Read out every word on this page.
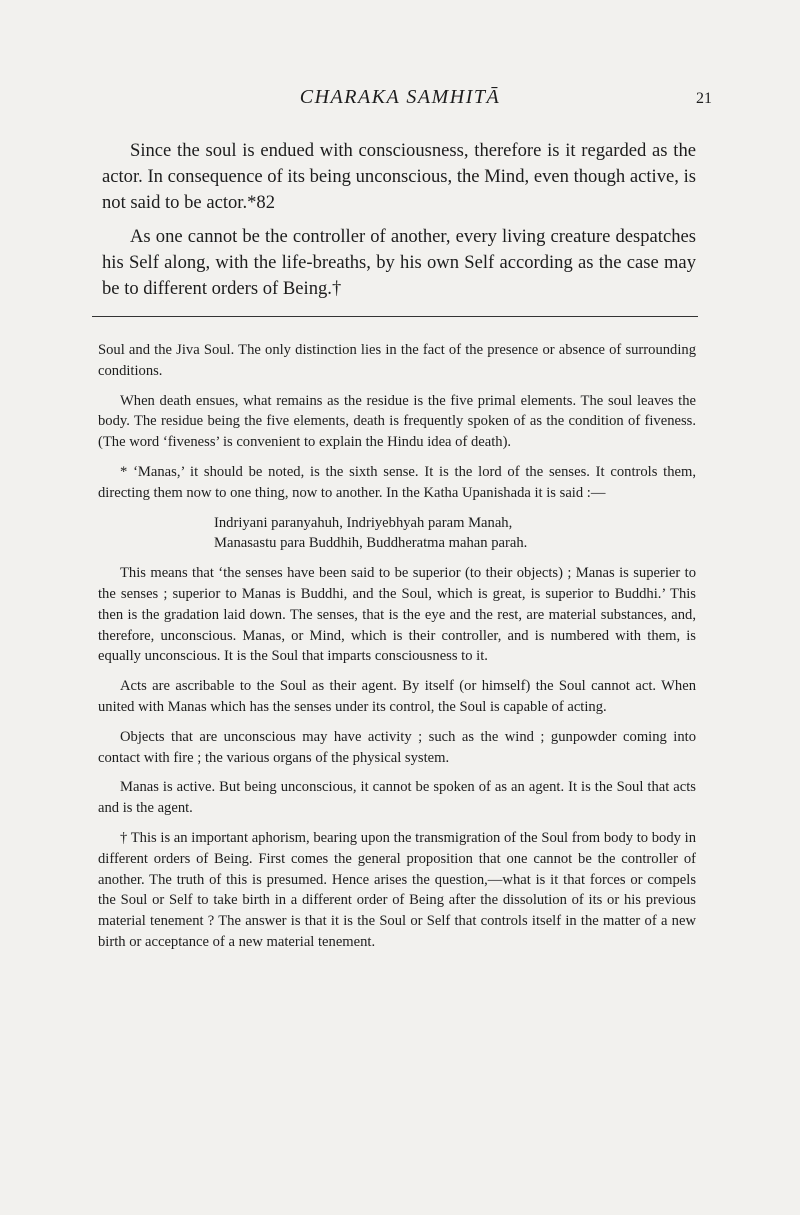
CHARAKA SAMHITĀ	21

Since the soul is endued with consciousness, therefore is it regarded as the actor. In consequence of its being unconscious, the Mind, even though active, is not said to be actor.*82

As one cannot be the controller of another, every living creature despatches his Self along, with the life-breaths, by his own Self according as the case may be to different orders of Being.†

Soul and the Jiva Soul. The only distinction lies in the fact of the presence or absence of surrounding conditions.

When death ensues, what remains as the residue is the five primal elements. The soul leaves the body. The residue being the five elements, death is frequently spoken of as the condition of fiveness. (The word ‘fiveness’ is convenient to explain the Hindu idea of death).

* ‘Manas,’ it should be noted, is the sixth sense. It is the lord of the senses. It controls them, directing them now to one thing, now to another. In the Katha Upanishada it is said :—

Indriyani paranyahuh, Indriyebhyah param Manah,
Manasastu para Buddhih, Buddheratma mahan parah.

This means that ‘the senses have been said to be superior (to their objects) ; Manas is superier to the senses ; superior to Manas is Buddhi, and the Soul, which is great, is superior to Buddhi.’ This then is the gradation laid down. The senses, that is the eye and the rest, are material substances, and, therefore, unconscious. Manas, or Mind, which is their controller, and is numbered with them, is equally unconscious. It is the Soul that imparts consciousness to it.

Acts are ascribable to the Soul as their agent. By itself (or himself) the Soul cannot act. When united with Manas which has the senses under its control, the Soul is capable of acting.

Objects that are unconscious may have activity ; such as the wind ; gunpowder coming into contact with fire ; the various organs of the physical system.

Manas is active. But being unconscious, it cannot be spoken of as an agent. It is the Soul that acts and is the agent.

† This is an important aphorism, bearing upon the transmigration of the Soul from body to body in different orders of Being. First comes the general proposition that one cannot be the controller of another. The truth of this is presumed. Hence arises the question,—what is it that forces or compels the Soul or Self to take birth in a different order of Being after the dissolution of its or his previous material tenement ? The answer is that it is the Soul or Self that controls itself in the matter of a new birth or acceptance of a new material tenement.
